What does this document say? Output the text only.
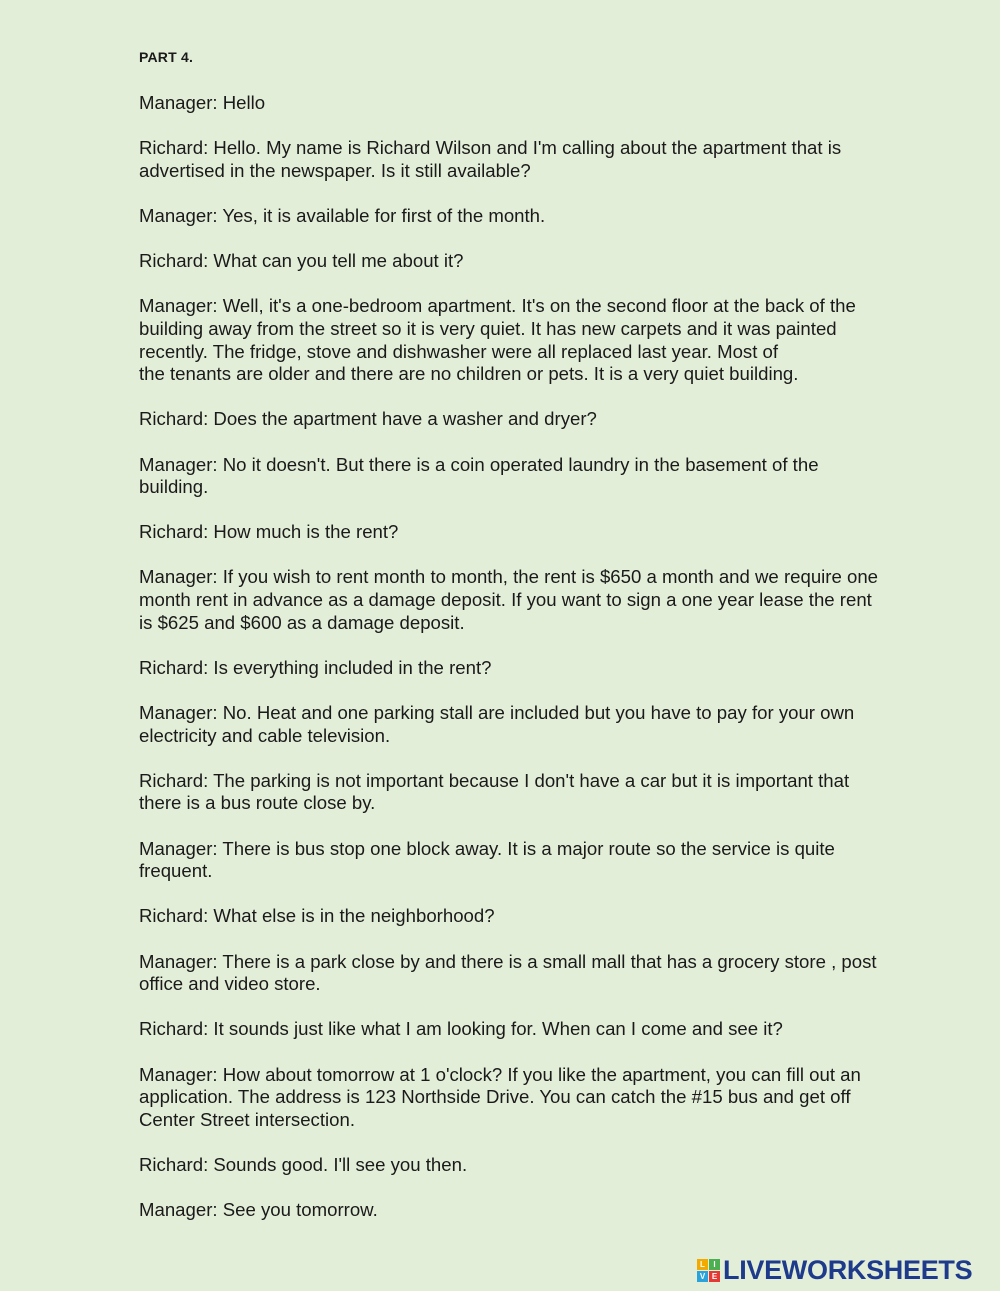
PART 4.

Manager: Hello

Richard: Hello. My name is Richard Wilson and I'm calling about the apartment that is
advertised in the newspaper. Is it still available?

Manager: Yes, it is available for first of the month.

Richard: What can you tell me about it?

Manager: Well, it's a one-bedroom apartment. It's on the second floor at the back of the
building away from the street so it is very quiet. It has new carpets and it was painted
recently. The fridge, stove and dishwasher were all replaced last year. Most of
the tenants are older and there are no children or pets. It is a very quiet building.

Richard: Does the apartment have a washer and dryer?

Manager: No it doesn't. But there is a coin operated laundry in the basement of the
building.

Richard: How much is the rent?

Manager: If you wish to rent month to month, the rent is $650 a month and we require one
month rent in advance as a damage deposit. If you want to sign a one year lease the rent
is $625 and $600 as a damage deposit.

Richard: Is everything included in the rent?

Manager: No. Heat and one parking stall are included but you have to pay for your own
electricity and cable television.

Richard: The parking is not important because I don't have a car but it is important that
there is a bus route close by.

Manager: There is bus stop one block away. It is a major route so the service is quite
frequent.

Richard: What else is in the neighborhood?

Manager: There is a park close by and there is a small mall that has a grocery store , post
office and video store.

Richard: It sounds just like what I am looking for. When can I come and see it?

Manager: How about tomorrow at 1 o'clock? If you like the apartment, you can fill out an
application. The address is 123 Northside Drive. You can catch the #15 bus and get off
Center Street intersection.

Richard: Sounds good. I'll see you then.

Manager: See you tomorrow.

L	I
V E LIVEWORKSHEETS
